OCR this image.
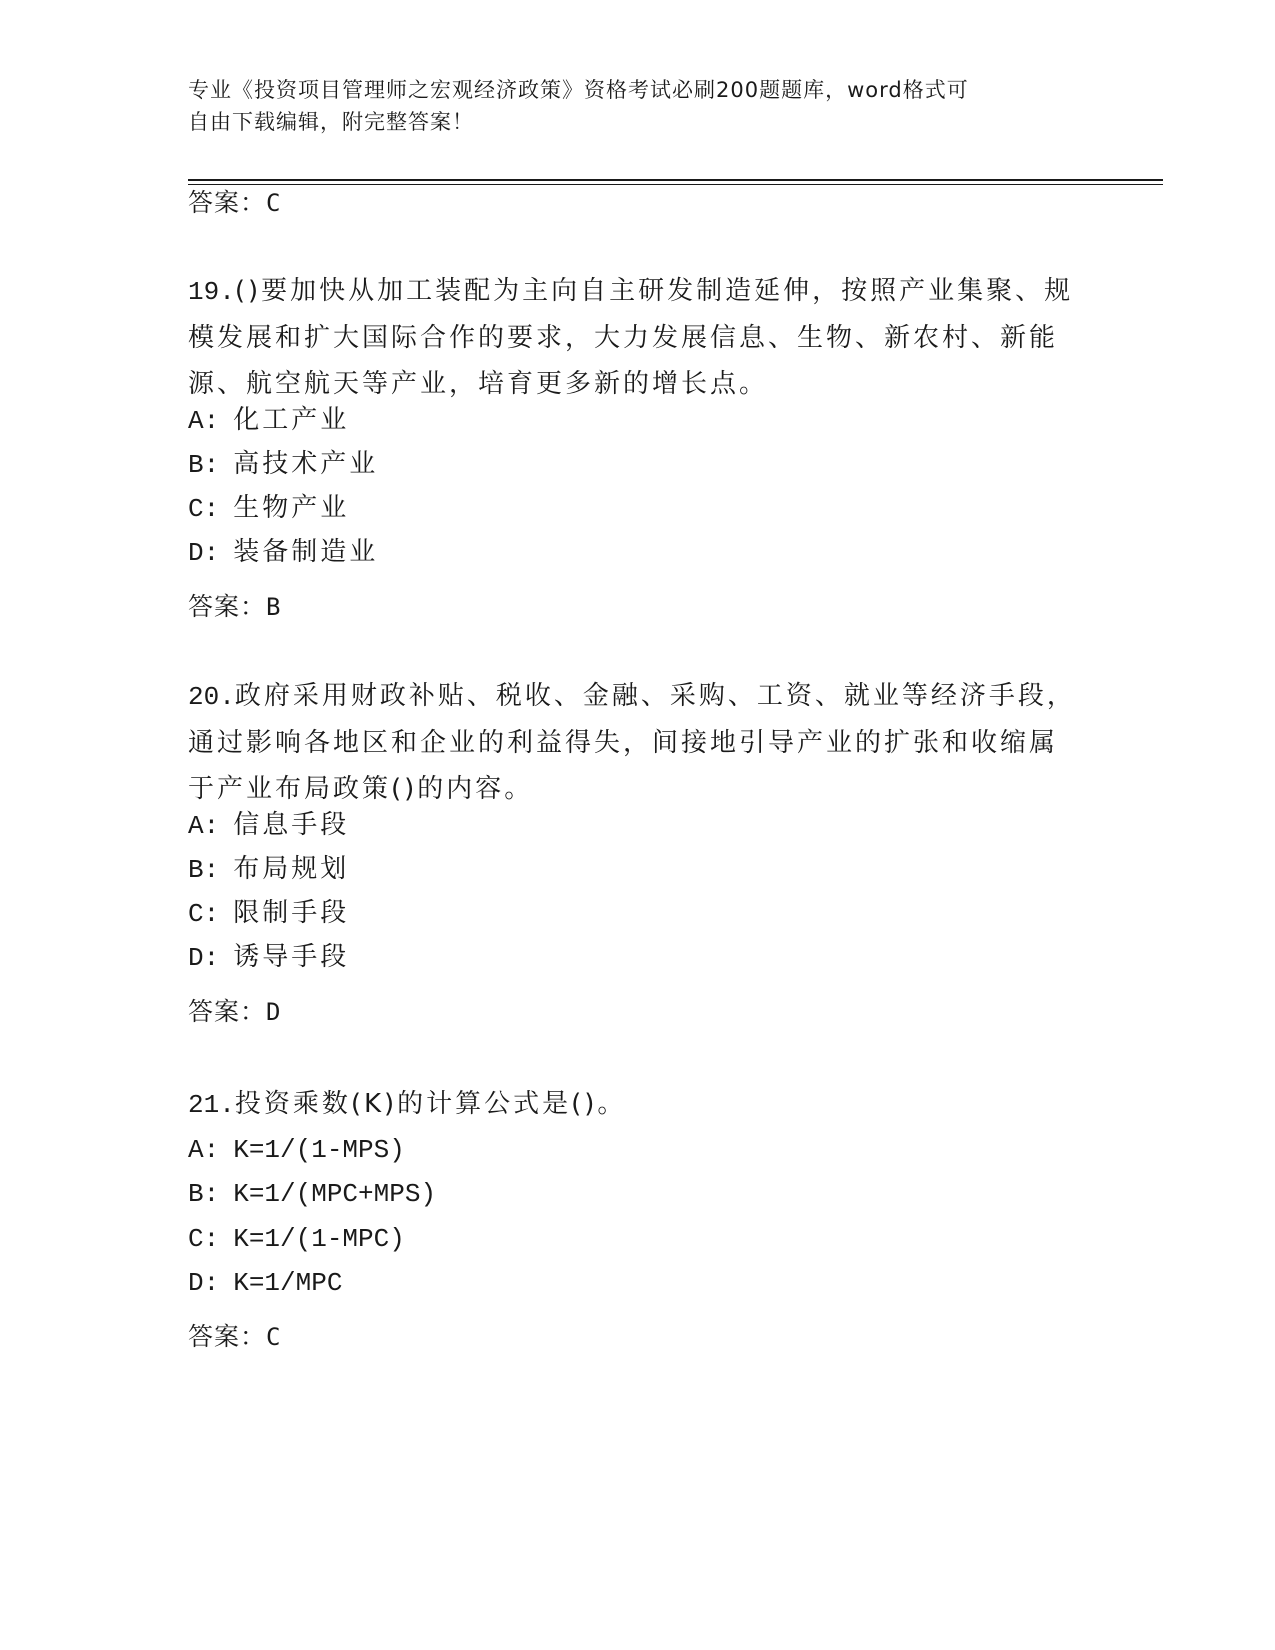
专业《投资项目管理师之宏观经济政策》资格考试必刷200题题库，word格式可
自由下载编辑，附完整答案！
答案：C
19.()要加快从加工装配为主向自主研发制造延伸，按照产业集聚、规
模发展和扩大国际合作的要求，大力发展信息、生物、新农村、新能
源、航空航天等产业，培育更多新的增长点。
A: 化工产业
B: 高技术产业
C: 生物产业
D: 装备制造业
答案：B
20.政府采用财政补贴、税收、金融、采购、工资、就业等经济手段，
通过影响各地区和企业的利益得失，间接地引导产业的扩张和收缩属
于产业布局政策()的内容。
A: 信息手段
B: 布局规划
C: 限制手段
D: 诱导手段
答案：D
21.投资乘数(K)的计算公式是()。
A: K=1/(1-MPS)
B: K=1/(MPC+MPS)
C: K=1/(1-MPC)
D: K=1/MPC
答案：C
